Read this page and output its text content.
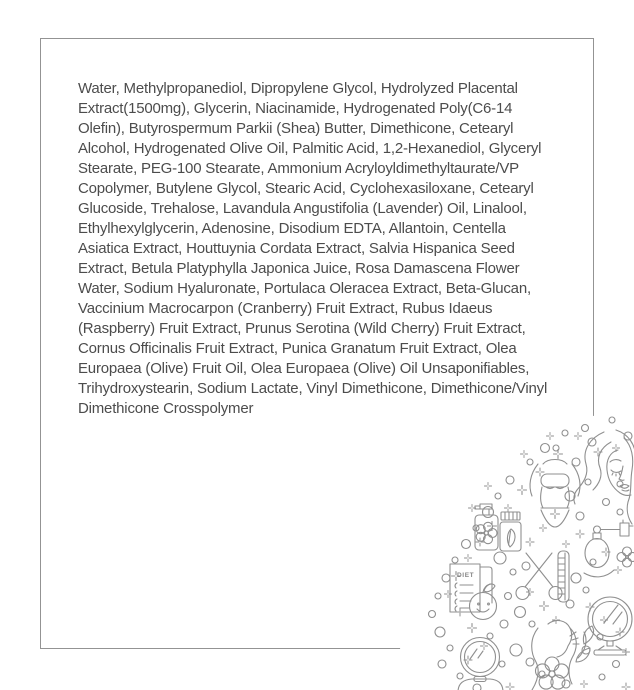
Water, Methylpropanediol, Dipropylene Glycol, Hydrolyzed Placental Extract(1500mg), Glycerin, Niacinamide, Hydrogenated Poly(C6-14 Olefin), Butyrospermum Parkii (Shea) Butter, Dimethicone, Cetearyl Alcohol, Hydrogenated Olive Oil, Palmitic Acid, 1,2-Hexanediol, Glyceryl Stearate, PEG-100 Stearate, Ammonium Acryloyldimethyltaurate/VP Copolymer, Butylene Glycol, Stearic Acid, Cyclohexasiloxane, Cetearyl Glucoside, Trehalose, Lavandula Angustifolia (Lavender) Oil, Linalool, Ethylhexylglycerin, Adenosine, Disodium EDTA, Allantoin, Centella Asiatica Extract, Houttuynia Cordata Extract, Salvia Hispanica Seed Extract, Betula Platyphylla Japonica Juice, Rosa Damascena Flower Water, Sodium Hyaluronate, Portulaca Oleracea Extract, Beta-Glucan, Vaccinium Macrocarpon (Cranberry) Fruit Extract, Rubus Idaeus (Raspberry) Fruit Extract, Prunus Serotina (Wild Cherry) Fruit Extract, Cornus Officinalis Fruit Extract, Punica Granatum Fruit Extract, Olea Europaea (Olive) Fruit Oil, Olea Europaea (Olive) Oil Unsaponifiables, Trihydroxystearin, Sodium Lactate, Vinyl Dimethicone, Dimethicone/Vinyl Dimethicone Crosspolymer

DIET
